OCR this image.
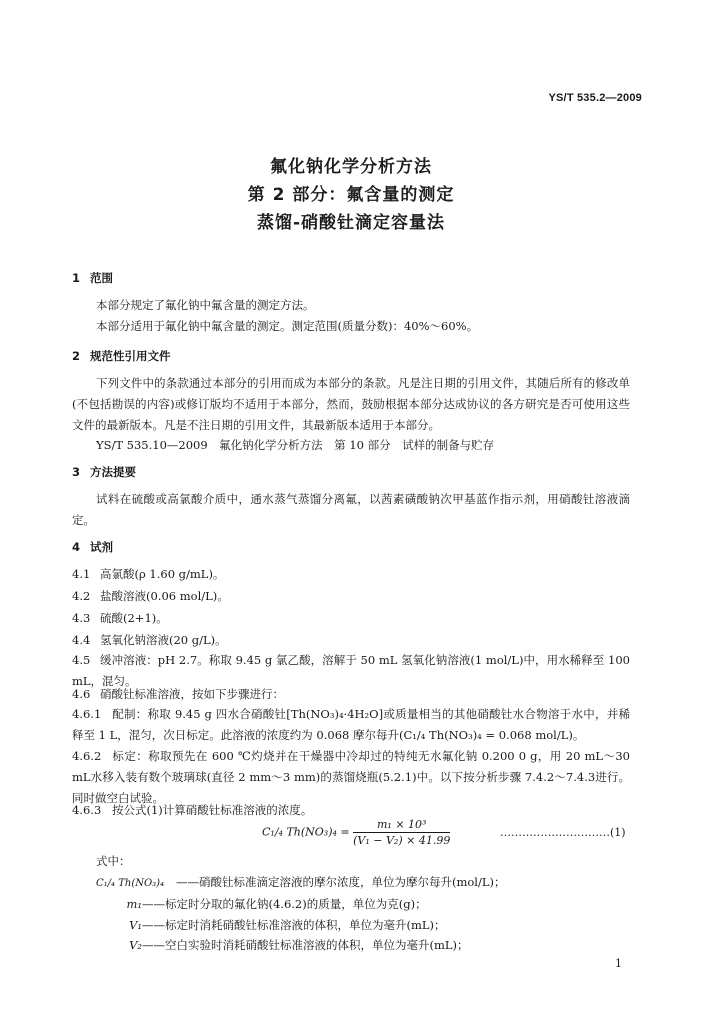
YS/T 535.2—2009
氟化钠化学分析方法
第 2 部分：氟含量的测定
蒸馏-硝酸钍滴定容量法
1 范围
本部分规定了氟化钠中氟含量的测定方法。
本部分适用于氟化钠中氟含量的测定。测定范围(质量分数)：40%～60%。
2 规范性引用文件
下列文件中的条款通过本部分的引用而成为本部分的条款。凡是注日期的引用文件，其随后所有的修改单(不包括勘误的内容)或修订版均不适用于本部分，然而，鼓励根据本部分达成协议的各方研究是否可使用这些文件的最新版本。凡是不注日期的引用文件，其最新版本适用于本部分。
YS/T 535.10—2009　氟化钠化学分析方法　第 10 部分　试样的制备与贮存
3 方法提要
试料在硫酸或高氯酸介质中，通水蒸气蒸馏分离氟，以茜素磺酸钠次甲基蓝作指示剂，用硝酸钍溶液滴定。
4 试剂
4.1 高氯酸(ρ 1.60 g/mL)。
4.2 盐酸溶液(0.06 mol/L)。
4.3 硫酸(2+1)。
4.4 氢氧化钠溶液(20 g/L)。
4.5 缓冲溶液：pH 2.7。称取 9.45 g 氯乙酸，溶解于 50 mL 氢氧化钠溶液(1 mol/L)中，用水稀释至 100 mL，混匀。
4.6 硝酸钍标准溶液，按如下步骤进行：
4.6.1 配制：称取 9.45 g 四水合硝酸钍[Th(NO₃)₄·4H₂O]或质量相当的其他硝酸钍水合物溶于水中，并稀释至 1 L，混匀，次日标定。此溶液的浓度约为 0.068 摩尔每升(C₁/₄ Th(NO₃)₄ = 0.068 mol/L)。
4.6.2 标定：称取预先在 600 ℃灼烧并在干燥器中冷却过的特纯无水氟化钠 0.200 0 g，用 20 mL～30 mL水移入装有数个玻璃球(直径 2 mm～3 mm)的蒸馏烧瓶(5.2.1)中。以下按分析步骤 7.4.2～7.4.3进行。同时做空白试验。
4.6.3 按公式(1)计算硝酸钍标准溶液的浓度。
C₁/₄ $Th(NO_3)_4 = \frac{\text{m₁ × 10³}}{\text{(V₁ − V₂) × 41.99}}$	…………………………(1)
式中：
C₁/₄ Th(NO₃)₄ ——硝酸钍标准滴定溶液的摩尔浓度，单位为摩尔每升(mol/L)；
m₁——标定时分取的氟化钠(4.6.2)的质量，单位为克(g)；
V₁——标定时消耗硝酸钍标准溶液的体积，单位为毫升(mL)；
V₂——空白实验时消耗硝酸钍标准溶液的体积，单位为毫升(mL)；
1
